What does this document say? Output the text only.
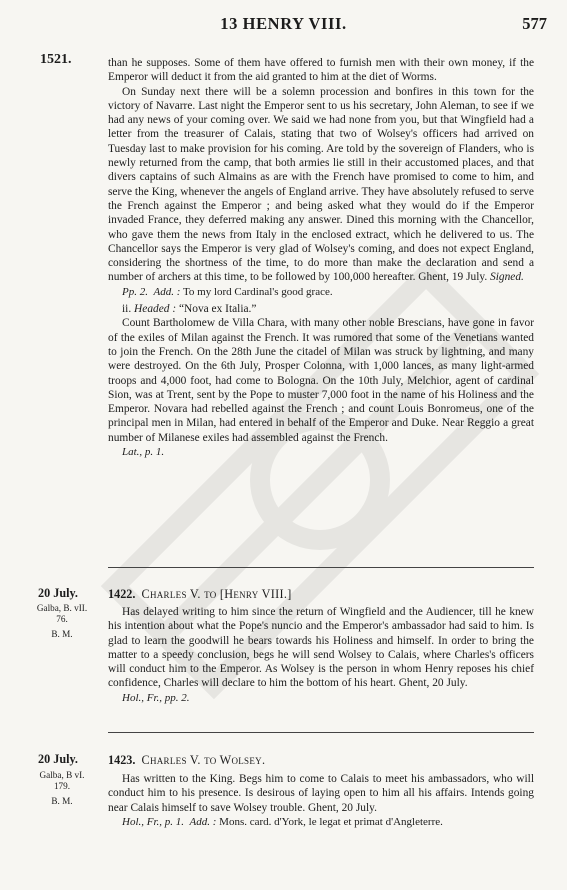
13 HENRY VIII.	577
1521.	than he supposes. Some of them have offered to furnish men with their own money, if the Emperor will deduct it from the aid granted to him at the diet of Worms.

On Sunday next there will be a solemn procession and bonfires in this town for the victory of Navarre. Last night the Emperor sent to us his secretary, John Aleman, to see if we had any news of your coming over. We said we had none from you, but that Wingfield had a letter from the treasurer of Calais, stating that two of Wolsey's officers had arrived on Tuesday last to make provision for his coming. Are told by the sovereign of Flanders, who is newly returned from the camp, that both armies lie still in their accustomed places, and that divers captains of such Almains as are with the French have promised to come to him, and serve the King, whenever the angels of England arrive. They have absolutely refused to serve the French against the Emperor ; and being asked what they would do if the Emperor invaded France, they deferred making any answer. Dined this morning with the Chancellor, who gave them the news from Italy in the enclosed extract, which he delivered to us. The Chancellor says the Emperor is very glad of Wolsey's coming, and does not expect England, considering the shortness of the time, to do more than make the declaration and send a number of archers at this time, to be followed by 100,000 hereafter. Ghent, 19 July. Signed.

Pp. 2. Add. : To my lord Cardinal's good grace.

ii. Headed : “Nova ex Italia.”

Count Bartholomew de Villa Chara, with many other noble Brescians, have gone in favor of the exiles of Milan against the French. It was rumored that some of the Venetians wanted to join the French. On the 28th June the citadel of Milan was struck by lightning, and many were destroyed. On the 6th July, Prosper Colonna, with 1,000 lances, as many light-armed troops and 4,000 foot, had come to Bologna. On the 10th July, Melchior, agent of cardinal Sion, was at Trent, sent by the Pope to muster 7,000 foot in the name of his Holiness and the Emperor. Novara had rebelled against the French ; and count Louis Bonromeus, one of the principal men in Milan, had entered in behalf of the Emperor and Duke. Near Reggio a great number of Milanese exiles had assembled against the French.

Lat., p. 1.

20 July.
Galba, B. vII.
76.
B. M.
1422. Charles V. to [Henry VIII.]

Has delayed writing to him since the return of Wingfield and the Audiencer, till he knew his intention about what the Pope's nuncio and the Emperor's ambassador had said to him. Is glad to learn the goodwill he bears towards his Holiness and himself. In order to bring the matter to a speedy conclusion, begs he will send Wolsey to Calais, where Charles's officers will conduct him to the Emperor. As Wolsey is the person in whom Henry reposes his chief confidence, Charles will declare to him the bottom of his heart. Ghent, 20 July.

Hol., Fr., pp. 2.

20 July.
Galba, B vI.
179.
B. M.
1423. Charles V. to Wolsey.

Has written to the King. Begs him to come to Calais to meet his ambassadors, who will conduct him to his presence. Is desirous of laying open to him all his affairs. Intends going near Calais himself to save Wolsey trouble. Ghent, 20 July.

Hol., Fr., p. 1. Add. : Mons. card. d'York, le legat et primat d'Angleterre.
